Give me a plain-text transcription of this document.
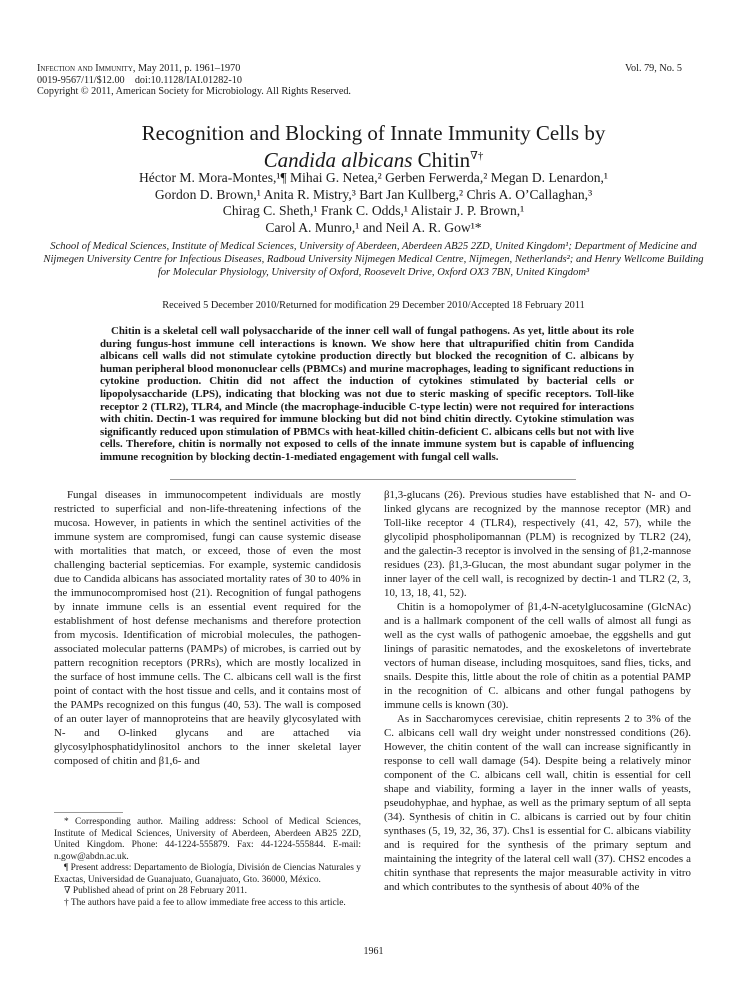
Infection and Immunity, May 2011, p. 1961–1970
0019-9567/11/$12.00    doi:10.1128/IAI.01282-10
Copyright © 2011, American Society for Microbiology. All Rights Reserved.
Vol. 79, No. 5
Recognition and Blocking of Innate Immunity Cells by
Candida albicans Chitin∇†
Héctor M. Mora-Montes,¹¶ Mihai G. Netea,² Gerben Ferwerda,² Megan D. Lenardon,¹
Gordon D. Brown,¹ Anita R. Mistry,³ Bart Jan Kullberg,² Chris A. O’Callaghan,³
Chirag C. Sheth,¹ Frank C. Odds,¹ Alistair J. P. Brown,¹
Carol A. Munro,¹ and Neil A. R. Gow¹*
School of Medical Sciences, Institute of Medical Sciences, University of Aberdeen, Aberdeen AB25 2ZD, United Kingdom¹; Department of Medicine and Nijmegen University Centre for Infectious Diseases, Radboud University Nijmegen Medical Centre, Nijmegen, Netherlands²; and Henry Wellcome Building for Molecular Physiology, University of Oxford, Roosevelt Drive, Oxford OX3 7BN, United Kingdom³
Received 5 December 2010/Returned for modification 29 December 2010/Accepted 18 February 2011
Chitin is a skeletal cell wall polysaccharide of the inner cell wall of fungal pathogens. As yet, little about its role during fungus-host immune cell interactions is known. We show here that ultrapurified chitin from Candida albicans cell walls did not stimulate cytokine production directly but blocked the recognition of C. albicans by human peripheral blood mononuclear cells (PBMCs) and murine macrophages, leading to significant reductions in cytokine production. Chitin did not affect the induction of cytokines stimulated by bacterial cells or lipopolysaccharide (LPS), indicating that blocking was not due to steric masking of specific receptors. Toll-like receptor 2 (TLR2), TLR4, and Mincle (the macrophage-inducible C-type lectin) were not required for interactions with chitin. Dectin-1 was required for immune blocking but did not bind chitin directly. Cytokine stimulation was significantly reduced upon stimulation of PBMCs with heat-killed chitin-deficient C. albicans cells but not with live cells. Therefore, chitin is normally not exposed to cells of the innate immune system but is capable of influencing immune recognition by blocking dectin-1-mediated engagement with fungal cell walls.

Fungal diseases in immunocompetent individuals are mostly restricted to superficial and non-life-threatening infections of the mucosa. However, in patients in which the sentinel activities of the immune system are compromised, fungi can cause systemic disease with mortalities that match, or exceed, those of even the most challenging bacterial septicemias. For example, systemic candidosis due to Candida albicans has associated mortality rates of 30 to 40% in the immunocompromised host (21). Recognition of fungal pathogens by innate immune cells is an essential event required for the establishment of host defense mechanisms and therefore protection from mycosis. Identification of microbial molecules, the pathogen-associated molecular patterns (PAMPs) of microbes, is carried out by pattern recognition receptors (PRRs), which are mostly localized in the surface of host immune cells. The C. albicans cell wall is the first point of contact with the host tissue and cells, and it contains most of the PAMPs recognized on this fungus (40, 53). The wall is composed of an outer layer of mannoproteins that are heavily glycosylated with N- and O-linked glycans and are attached via glycosylphosphatidylinositol anchors to the inner skeletal layer composed of chitin and β1,6- and

β1,3-glucans (26). Previous studies have established that N- and O-linked glycans are recognized by the mannose receptor (MR) and Toll-like receptor 4 (TLR4), respectively (41, 42, 57), while the glycolipid phospholipomannan (PLM) is recognized by TLR2 (24), and the galectin-3 receptor is involved in the sensing of β1,2-mannose residues (23). β1,3-Glucan, the most abundant sugar polymer in the inner layer of the cell wall, is recognized by dectin-1 and TLR2 (2, 3, 10, 13, 18, 41, 52).

Chitin is a homopolymer of β1,4-N-acetylglucosamine (GlcNAc) and is a hallmark component of the cell walls of almost all fungi as well as the cyst walls of pathogenic amoebae, the eggshells and gut linings of parasitic nematodes, and the exoskeletons of invertebrate vectors of human disease, including mosquitoes, sand flies, ticks, and snails. Despite this, little about the role of chitin as a potential PAMP in the recognition of C. albicans and other fungal pathogens by immune cells is known (30).

As in Saccharomyces cerevisiae, chitin represents 2 to 3% of the C. albicans cell wall dry weight under nonstressed conditions (26). However, the chitin content of the wall can increase significantly in response to cell wall damage (54). Despite being a relatively minor component of the C. albicans cell wall, chitin is essential for cell shape and viability, forming a layer in the inner walls of yeasts, pseudohyphae, and hyphae, as well as the primary septum of all septa (34). Synthesis of chitin in C. albicans is carried out by four chitin synthases (5, 19, 32, 36, 37). Chs1 is essential for C. albicans viability and is required for the synthesis of the primary septum and maintaining the integrity of the lateral cell wall (37). CHS2 encodes a chitin synthase that represents the major measurable activity in vitro and which contributes to the synthesis of about 40% of the

* Corresponding author. Mailing address: School of Medical Sciences, Institute of Medical Sciences, University of Aberdeen, Aberdeen AB25 2ZD, United Kingdom. Phone: 44-1224-555879. Fax: 44-1224-555844. E-mail: n.gow@abdn.ac.uk.

¶ Present address: Departamento de Biología, División de Ciencias Naturales y Exactas, Universidad de Guanajuato, Guanajuato, Gto. 36000, México.

∇ Published ahead of print on 28 February 2011.

† The authors have paid a fee to allow immediate free access to this article.

1961
